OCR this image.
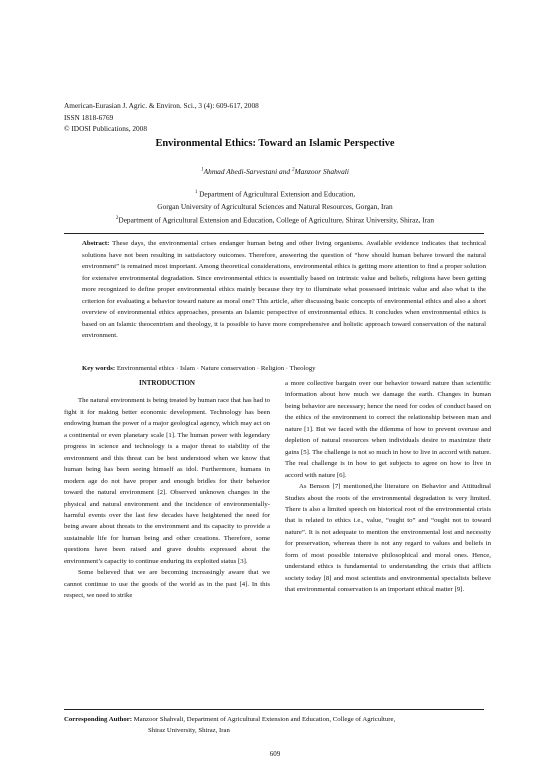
American-Eurasian J. Agric. & Environ. Sci., 3 (4): 609-617, 2008
ISSN 1818-6769
© IDOSI Publications, 2008
Environmental Ethics: Toward an Islamic Perspective
$^1$Ahmad Abedi-Sarvestani and $^2$Manzoor Shahvali
$^1$ Department of Agricultural Extension and Education,
Gorgan University of Agricultural Sciences and Natural Resources, Gorgan, Iran
$^2$Department of Agricultural Extension and Education, College of Agriculture, Shiraz University, Shiraz, Iran

Abstract: These days, the environmental crises endanger human being and other living organisms. Available evidence indicates that technical solutions have not been resulting in satisfactory outcomes. Therefore, answering the question of “how should human behave toward the natural environment” is remained most important. Among theoretical considerations, environmental ethics is getting more attention to find a proper solution for extensive environmental degradation. Since environmental ethics is essentially based on intrinsic value and beliefs, religions have been getting more recognized to define proper environmental ethics mainly because they try to illuminate what possessed intrinsic value and also what is the criterion for evaluating a behavior toward nature as moral one? This article, after discussing basic concepts of environmental ethics and also a short overview of environmental ethics approaches, presents an Islamic perspective of environmental ethics. It concludes when environmental ethics is based on an Islamic theocentrism and theology, it is possible to have more comprehensive and holistic approach toward conservation of the natural environment.

Key words: Environmental ethics · Islam · Nature conservation · Religion · Theology

INTRODUCTION

The natural environment is being treated by human race that has had to fight it for making better economic development. Technology has been endowing human the power of a major geological agency, which may act on a continental or even planetary scale [1]. The human power with legendary progress in science and technology is a major threat to stability of the environment and this threat can be best understood when we know that human being has been seeing himself as idol. Furthermore, humans in modern age do not have proper and enough bridles for their behavior toward the natural environment [2]. Observed unknown changes in the physical and natural environment and the incidence of environmentally-harmful events over the last few decades have heightened the need for being aware about threats to the environment and its capacity to provide a sustainable life for human being and other creations. Therefore, some questions have been raised and grave doubts expressed about the environment’s capacity to continue enduring its exploited status [3].

Some believed that we are becoming increasingly aware that we cannot continue to use the goods of the world as in the past [4]. In this respect, we need to strike

a more collective bargain over our behavior toward nature than scientific information about how much we damage the earth. Changes in human being behavior are necessary; hence the need for codes of conduct based on the ethics of the environment to correct the relationship between man and nature [1]. But we faced with the dilemma of how to prevent overuse and depletion of natural resources when individuals desire to maximize their gains [5]. The challenge is not so much in how to live in accord with nature. The real challenge is in how to get subjects to agree on how to live in accord with nature [6].

As Benson [7] mentioned,the literature on Behavior and Attitudinal Studies about the roots of the environmental degradation is very limited. There is also a limited speech on historical root of the environmental crisis that is related to ethics i.e., value, “ought to” and “ought not to toward nature”. It is not adequate to mention the environmental lost and necessity for preservation, whereas there is not any regard to values and beliefs in form of most possible intensive philosophical and moral ones. Hence, understand ethics is fundamental to understanding the crisis that afflicts society today [8] and most scientists and environmental specialists believe that environmental conservation is an important ethical matter [9].

Corresponding Author: Manzoor Shahvali, Department of Agricultural Extension and Education, College of Agriculture,
Shiraz University, Shiraz, Iran
609
